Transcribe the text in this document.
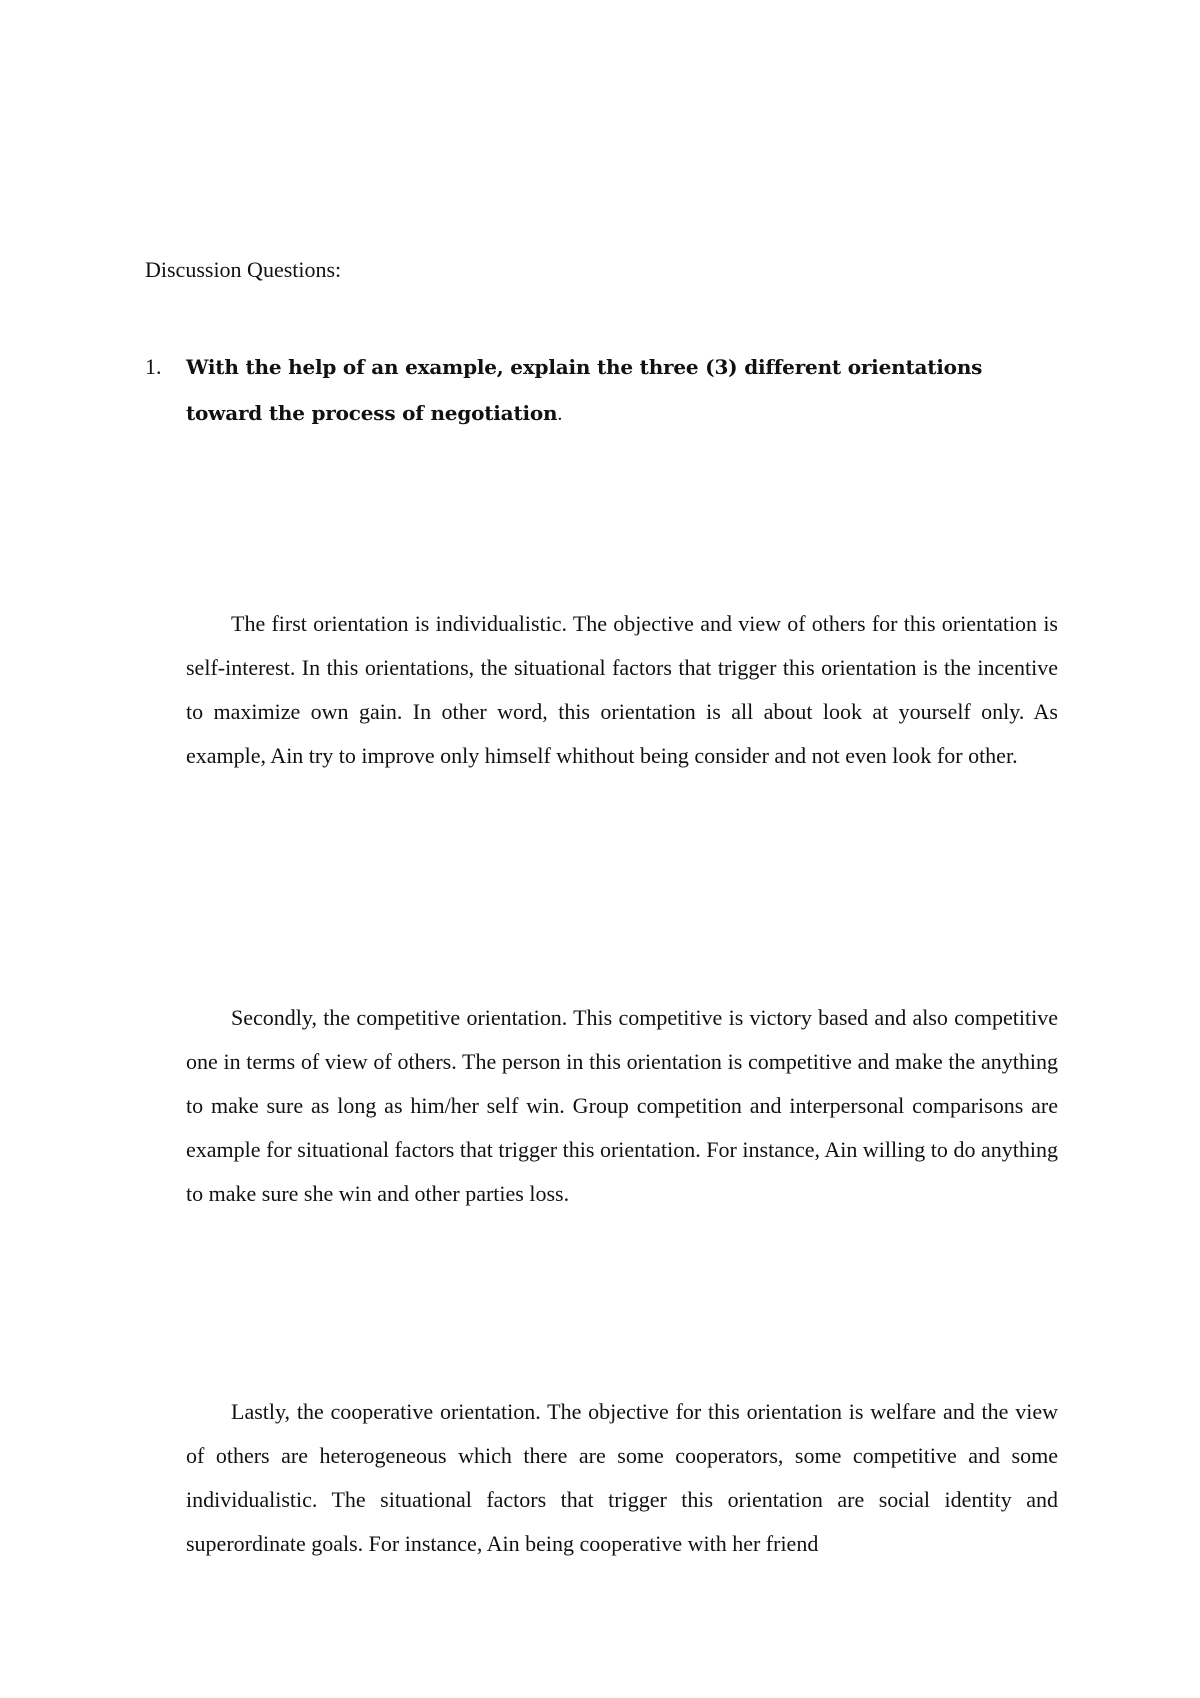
Discussion Questions:

1.	With the help of an example, explain the three (3) different orientations toward the process of negotiation.

The first orientation is individualistic. The objective and view of others for this orientation is self-interest. In this orientations, the situational factors that trigger this orientation is the incentive to maximize own gain. In other word, this orientation is all about look at yourself only. As example, Ain try to improve only himself whithout being consider and not even look for other.

Secondly, the competitive orientation. This competitive is victory based and also competitive one in terms of view of others. The person in this orientation is competitive and make the anything to make sure as long as him/her self win. Group competition and interpersonal comparisons are example for situational factors that trigger this orientation. For instance, Ain willing to do anything to make sure she win and other parties loss.

Lastly, the cooperative orientation. The objective for this orientation is welfare and the view of others are heterogeneous which there are some cooperators, some competitive and some individualistic. The situational factors that trigger this orientation are social identity and superordinate goals. For instance, Ain being cooperative with her friend
